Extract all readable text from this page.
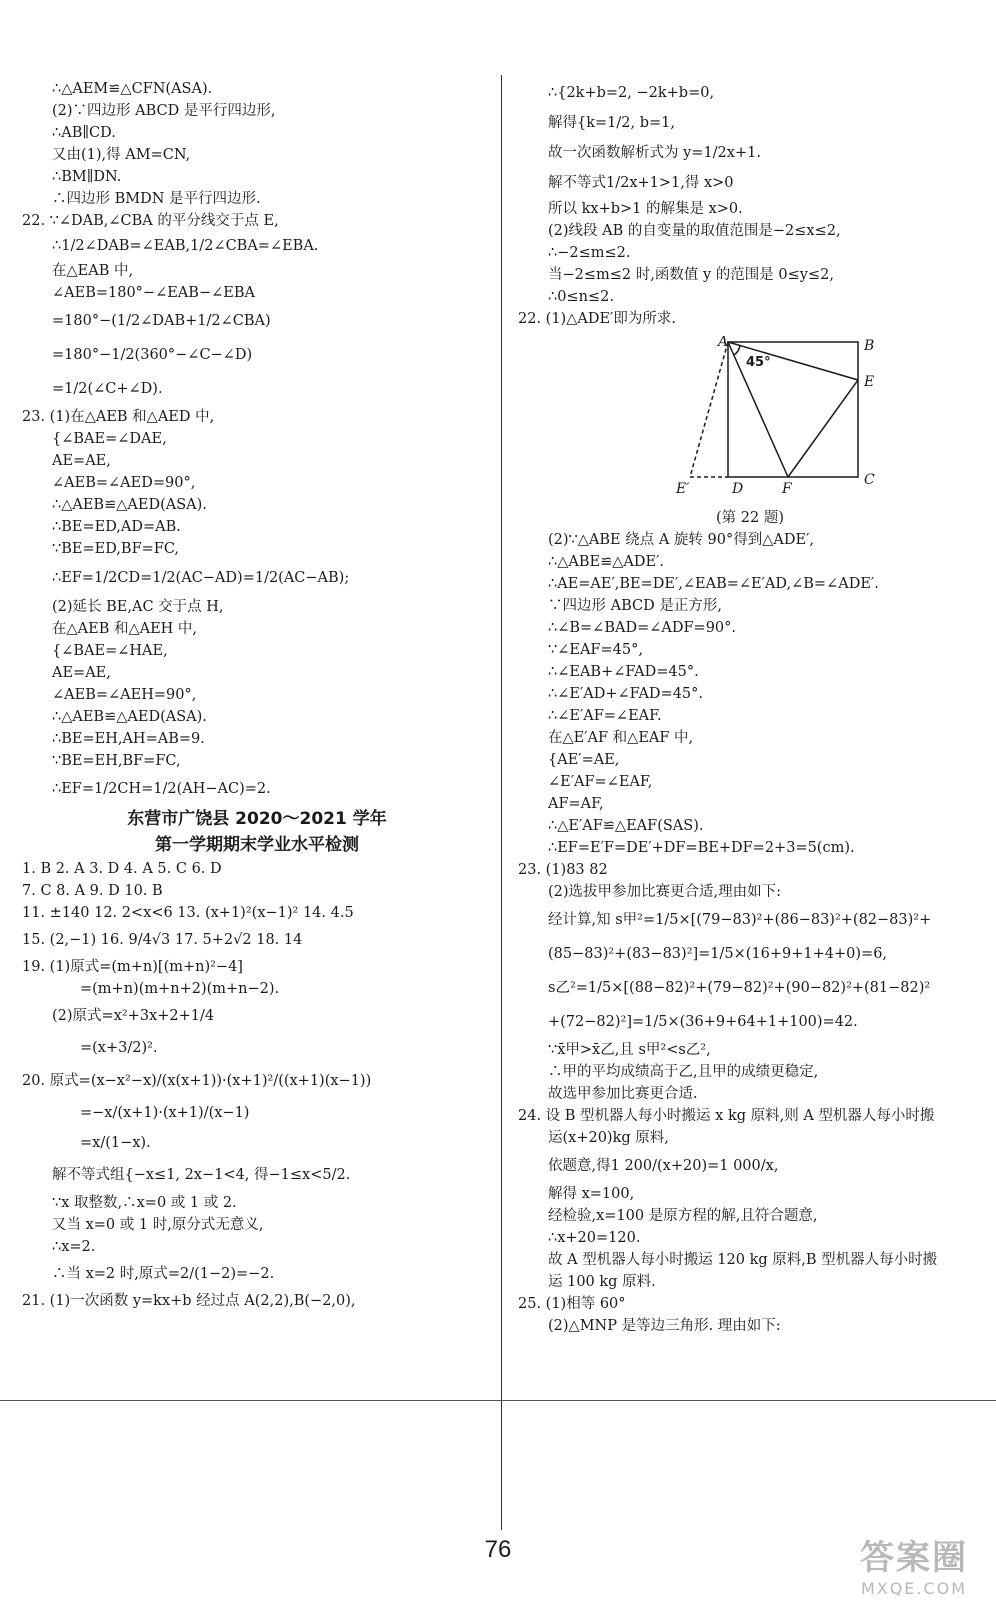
∴△AEM≌△CFN(ASA).
(2)∵四边形 ABCD 是平行四边形,
∴AB∥CD.
又由(1),得 AM=CN,
∴BM∥DN.
∴四边形 BMDN 是平行四边形.
22. ∵∠DAB,∠CBA 的平分线交于点 E,
∴1/2∠DAB=∠EAB,1/2∠CBA=∠EBA.
在△EAB 中,
∠AEB=180°−∠EAB−∠EBA
=180°−(1/2∠DAB+1/2∠CBA)
=180°−1/2(360°−∠C−∠D)
=1/2(∠C+∠D).
23. (1)在△AEB 和△AED 中,
{∠BAE=∠DAE,
AE=AE,
∠AEB=∠AED=90°,
∴△AEB≌△AED(ASA).
∴BE=ED,AD=AB.
∵BE=ED,BF=FC,
∴EF=1/2CD=1/2(AC−AD)=1/2(AC−AB);
(2)延长 BE,AC 交于点 H,
在△AEB 和△AEH 中,
{∠BAE=∠HAE,
AE=AE,
∠AEB=∠AEH=90°,
∴△AEB≌△AED(ASA).
∴BE=EH,AH=AB=9.
∵BE=EH,BF=FC,
∴EF=1/2CH=1/2(AH−AC)=2.
东营市广饶县 2020～2021 学年
第一学期期末学业水平检测
1. B 2. A 3. D 4. A 5. C 6. D
7. C 8. A 9. D 10. B
11. ±140 12. 2<x<6 13. (x+1)²(x−1)² 14. 4.5
15. (2,−1) 16. 9/4√3 17. 5+2√2 18. 14
19. (1)原式=(m+n)[(m+n)²−4]
=(m+n)(m+n+2)(m+n−2).
(2)原式=x²+3x+2+1/4
=(x+3/2)².
20. 原式=(x−x²−x)/(x(x+1))·(x+1)²/((x+1)(x−1))
=−x/(x+1)·(x+1)/(x−1)
=x/(1−x).
解不等式组{−x≤1, 2x−1<4, 得−1≤x<5/2.
∵x 取整数,∴x=0 或 1 或 2.
又当 x=0 或 1 时,原分式无意义,
∴x=2.
∴当 x=2 时,原式=2/(1−2)=−2.
21. (1)一次函数 y=kx+b 经过点 A(2,2),B(−2,0),
∴{2k+b=2, −2k+b=0,
解得{k=1/2, b=1,
故一次函数解析式为 y=1/2x+1.
解不等式1/2x+1>1,得 x>0
所以 kx+b>1 的解集是 x>0.
(2)线段 AB 的自变量的取值范围是−2≤x≤2,
∴−2≤m≤2.
当−2≤m≤2 时,函数值 y 的范围是 0≤y≤2,
∴0≤n≤2.
22. (1)△ADE′即为所求.
A	B
E
C
D	F
E′
45°
(第 22 题)
(2)∵△ABE 绕点 A 旋转 90°得到△ADE′,
∴△ABE≌△ADE′.
∴AE=AE′,BE=DE′,∠EAB=∠E′AD,∠B=∠ADE′.
∵四边形 ABCD 是正方形,
∴∠B=∠BAD=∠ADF=90°.
∵∠EAF=45°,
∴∠EAB+∠FAD=45°.
∴∠E′AD+∠FAD=45°.
∴∠E′AF=∠EAF.
在△E′AF 和△EAF 中,
{AE′=AE,
∠E′AF=∠EAF,
AF=AF,
∴△E′AF≌△EAF(SAS).
∴EF=E′F=DE′+DF=BE+DF=2+3=5(cm).
23. (1)83 82
(2)选拔甲参加比赛更合适,理由如下:
经计算,知 s甲²=1/5×[(79−83)²+(86−83)²+(82−83)²+
(85−83)²+(83−83)²]=1/5×(16+9+1+4+0)=6,
s乙²=1/5×[(88−82)²+(79−82)²+(90−82)²+(81−82)²
+(72−82)²]=1/5×(36+9+64+1+100)=42.
∵x̄甲>x̄乙,且 s甲²<s乙²,
∴甲的平均成绩高于乙,且甲的成绩更稳定,
故选甲参加比赛更合适.
24. 设 B 型机器人每小时搬运 x kg 原料,则 A 型机器人每小时搬
运(x+20)kg 原料,
依题意,得1 200/(x+20)=1 000/x,
解得 x=100,
经检验,x=100 是原方程的解,且符合题意,
∴x+20=120.
故 A 型机器人每小时搬运 120 kg 原料,B 型机器人每小时搬
运 100 kg 原料.
25. (1)相等 60°
(2)△MNP 是等边三角形. 理由如下:
76	答案圈
MXQE.COM
